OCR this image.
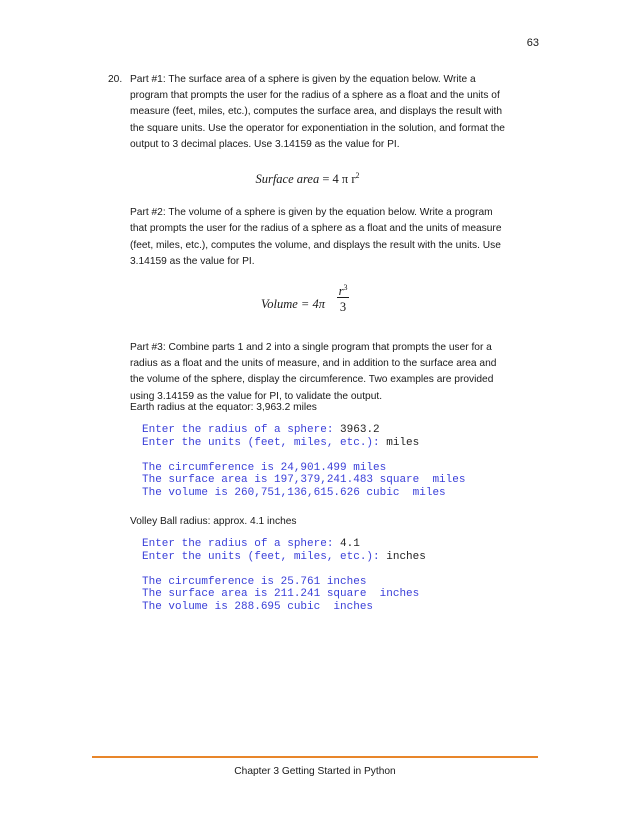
63
20. Part #1: The surface area of a sphere is given by the equation below. Write a program that prompts the user for the radius of a sphere as a float and the units of measure (feet, miles, etc.), computes the surface area, and displays the result with the square units. Use the operator for exponentiation in the solution, and format the output to 3 decimal places. Use 3.14159 as the value for PI.

Surface area = 4 π $r^2$

Part #2: The volume of a sphere is given by the equation below. Write a program that prompts the user for the radius of a sphere as a float and the units of measure (feet, miles, etc.), computes the volume, and displays the result with the units. Use 3.14159 as the value for PI.

Volume = 4π
$r^3$
3

Part #3: Combine parts 1 and 2 into a single program that prompts the user for a radius as a float and the units of measure, and in addition to the surface area and the volume of the sphere, display the circumference. Two examples are provided using 3.14159 as the value for PI, to validate the output.

Earth radius at the equator: 3,963.2 miles
Enter the radius of a sphere: 3963.2
Enter the units (feet, miles, etc.): miles

The circumference is 24,901.499 miles
The surface area is 197,379,241.483 square  miles
The volume is 260,751,136,615.626 cubic  miles
Volley Ball radius: approx. 4.1 inches
Enter the radius of a sphere: 4.1
Enter the units (feet, miles, etc.): inches

The circumference is 25.761 inches
The surface area is 211.241 square  inches
The volume is 288.695 cubic  inches
Chapter 3 Getting Started in Python
